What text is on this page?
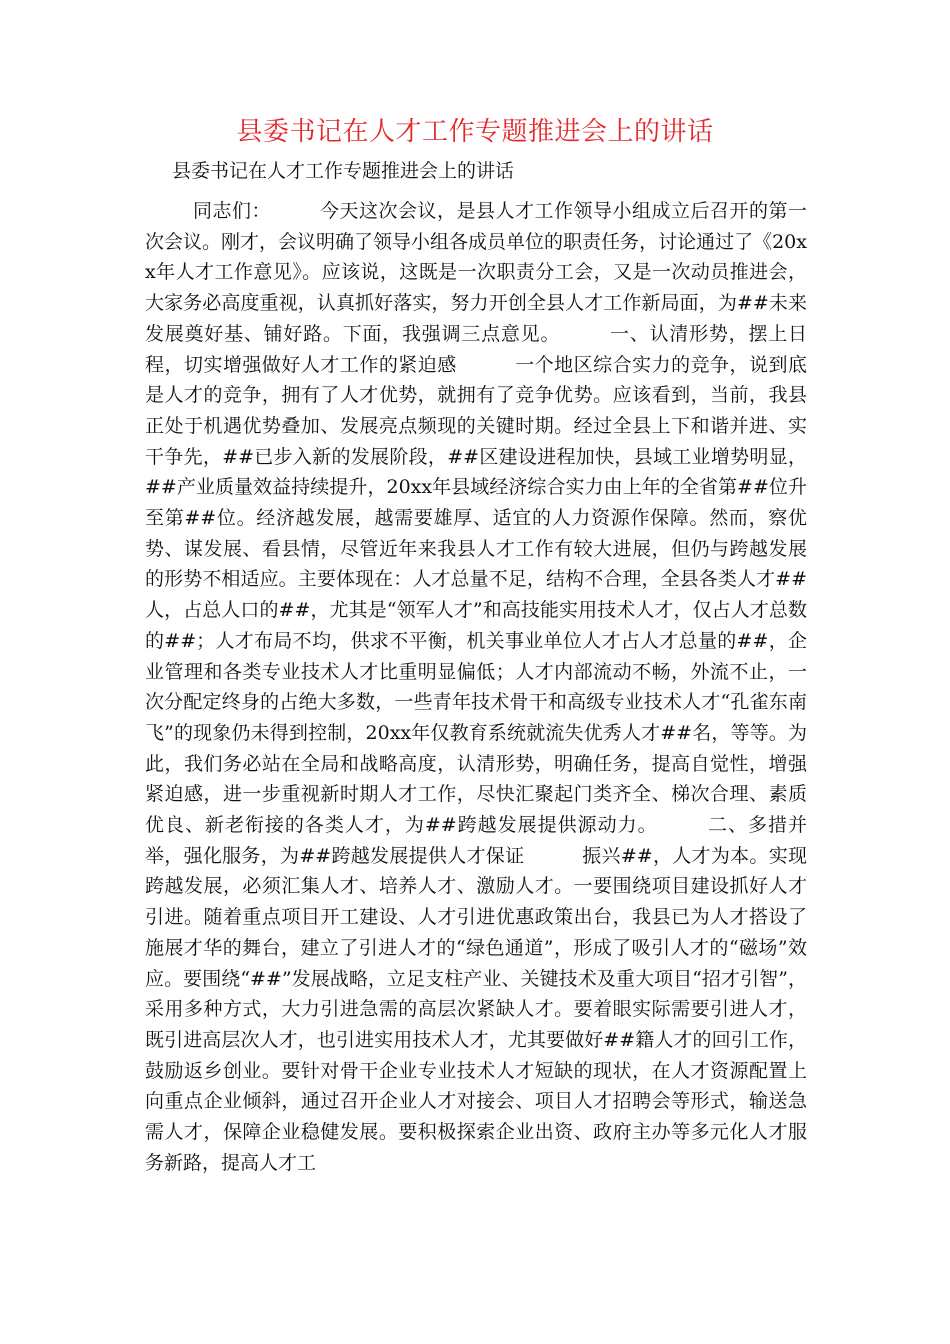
县委书记在人才工作专题推进会上的讲话

县委书记在人才工作专题推进会上的讲话

同志们：　　　今天这次会议，是县人才工作领导小组成立后召开的第一次会议。刚才，会议明确了领导小组各成员单位的职责任务，讨论通过了《20xx年人才工作意见》。应该说，这既是一次职责分工会，又是一次动员推进会，大家务必高度重视，认真抓好落实，努力开创全县人才工作新局面，为##未来发展奠好基、铺好路。下面，我强调三点意见。　　　一、认清形势，摆上日程，切实增强做好人才工作的紧迫感　　　一个地区综合实力的竞争，说到底是人才的竞争，拥有了人才优势，就拥有了竞争优势。应该看到，当前，我县正处于机遇优势叠加、发展亮点频现的关键时期。经过全县上下和谐并进、实干争先，##已步入新的发展阶段，##区建设进程加快，县域工业增势明显，##产业质量效益持续提升，20xx年县域经济综合实力由上年的全省第##位升至第##位。经济越发展，越需要雄厚、适宜的人力资源作保障。然而，察优势、谋发展、看县情，尽管近年来我县人才工作有较大进展，但仍与跨越发展的形势不相适应。主要体现在：人才总量不足，结构不合理，全县各类人才##人，占总人口的##，尤其是“领军人才”和高技能实用技术人才，仅占人才总数的##；人才布局不均，供求不平衡，机关事业单位人才占人才总量的##，企业管理和各类专业技术人才比重明显偏低；人才内部流动不畅，外流不止，一次分配定终身的占绝大多数，一些青年技术骨干和高级专业技术人才“孔雀东南飞”的现象仍未得到控制，20xx年仅教育系统就流失优秀人才##名，等等。为此，我们务必站在全局和战略高度，认清形势，明确任务，提高自觉性，增强紧迫感，进一步重视新时期人才工作，尽快汇聚起门类齐全、梯次合理、素质优良、新老衔接的各类人才，为##跨越发展提供源动力。　　　二、多措并举，强化服务，为##跨越发展提供人才保证　　　振兴##，人才为本。实现跨越发展，必须汇集人才、培养人才、激励人才。一要围绕项目建设抓好人才引进。随着重点项目开工建设、人才引进优惠政策出台，我县已为人才搭设了施展才华的舞台，建立了引进人才的“绿色通道”，形成了吸引人才的“磁场”效应。要围绕“##”发展战略，立足支柱产业、关键技术及重大项目“招才引智”，采用多种方式，大力引进急需的高层次紧缺人才。要着眼实际需要引进人才，既引进高层次人才，也引进实用技术人才，尤其要做好##籍人才的回引工作，鼓励返乡创业。要针对骨干企业专业技术人才短缺的现状，在人才资源配置上向重点企业倾斜，通过召开企业人才对接会、项目人才招聘会等形式，输送急需人才，保障企业稳健发展。要积极探索企业出资、政府主办等多元化人才服务新路，提高人才工
